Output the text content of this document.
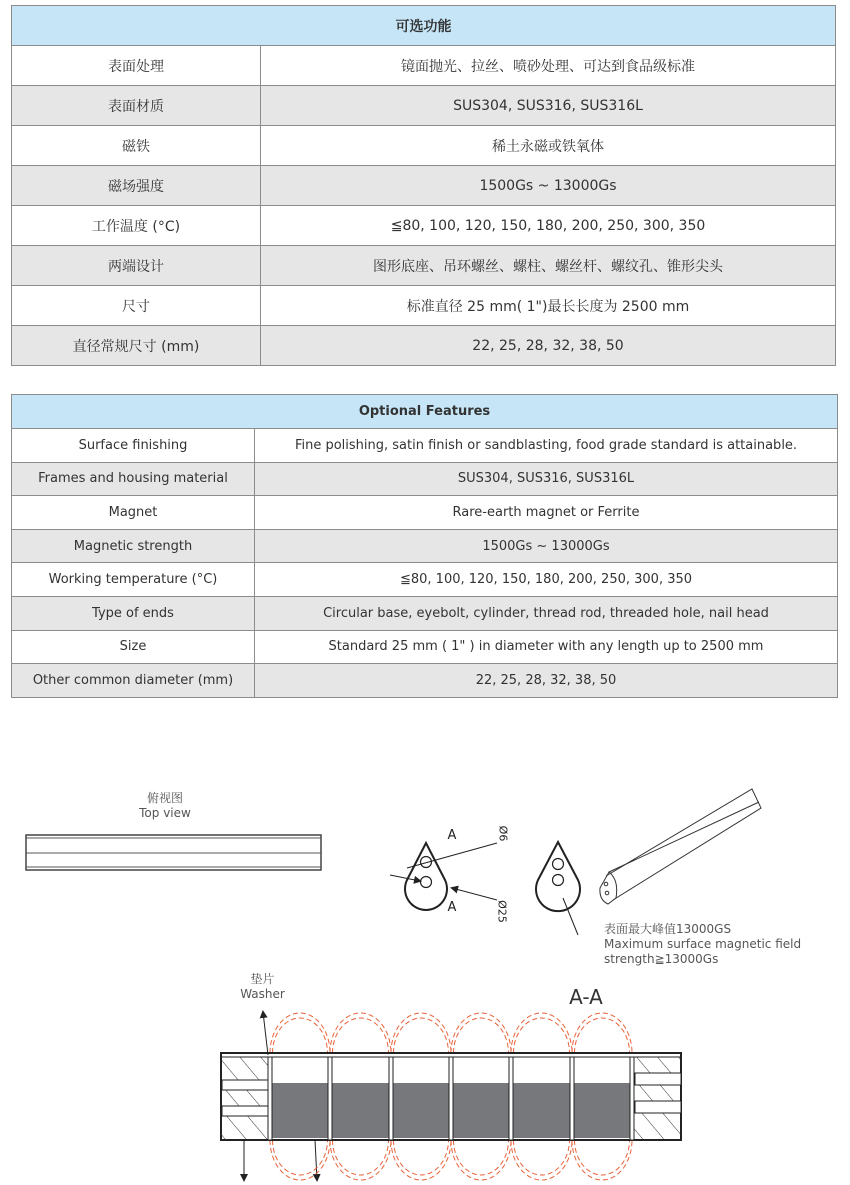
可选功能	
表面处理	镜面抛光、拉丝、喷砂处理、可达到食品级标准
表面材质	SUS304, SUS316, SUS316L
磁铁	稀土永磁或铁氧体
磁场强度	1500Gs ~ 13000Gs
工作温度 (°C)	≦80, 100, 120, 150, 180, 200, 250, 300, 350
两端设计	图形底座、吊环螺丝、螺柱、螺丝杆、螺纹孔、锥形尖头
尺寸	标准直径 25 mm( 1")最长长度为 2500 mm
直径常规尺寸 (mm)	22, 25, 28, 32, 38, 50
Optional Features	
Surface finishing	Fine polishing, satin finish or sandblasting, food grade standard is attainable.
Frames and housing material	SUS304, SUS316, SUS316L
Magnet	Rare-earth magnet or Ferrite
Magnetic strength	1500Gs ~ 13000Gs
Working temperature (°C)	≦80, 100, 120, 150, 180, 200, 250, 300, 350
Type of ends	Circular base, eyebolt, cylinder, thread rod, threaded hole, nail head
Size	Standard 25 mm ( 1" ) in diameter with any length up to 2500 mm
Other common diameter (mm)	22, 25, 28, 32, 38, 50
俯视图
Top view
A
A
Ø6
Ø25
表面最大峰值13000GS
Maximum surface magnetic field
strength≧13000Gs
垫片
Washer	A-A
